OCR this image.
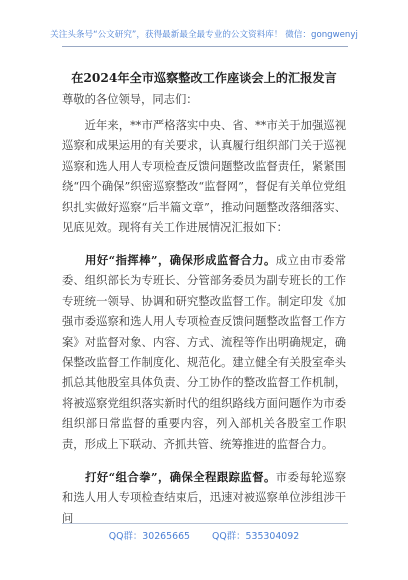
关注头条号“公文研究”，获得最新最全最专业的公文资料库！ 微信：gongwenyj
在2024年全市巡察整改工作座谈会上的汇报发言
尊敬的各位领导，同志们：
近年来，**市严格落实中央、省、**市关于加强巡视巡察和成果运用的有关要求，认真履行组织部门关于巡视巡察和选人用人专项检查反馈问题整改监督责任，紧紧围绕“四个确保”织密巡察整改“监督网”，督促有关单位党组织扎实做好巡察“后半篇文章”，推动问题整改落细落实、见底见效。现将有关工作进展情况汇报如下：
用好“指挥棒”，确保形成监督合力。成立由市委常委、组织部长为专班长、分管部务委员为副专班长的工作专班统一领导、协调和研究整改监督工作。制定印发《加强市委巡察和选人用人专项检查反馈问题整改监督工作方案》对监督对象、内容、方式、流程等作出明确规定，确保整改监督工作制度化、规范化。建立健全有关股室牵头抓总其他股室具体负责、分工协作的整改监督工作机制，将被巡察党组织落实新时代的组织路线方面问题作为市委组织部日常监督的重要内容，列入部机关各股室工作职责，形成上下联动、齐抓共管、统筹推进的监督合力。
打好“组合拳”，确保全程跟踪监督。市委每轮巡察和选人用人专项检查结束后，迅速对被巡察单位涉组涉干问
QQ群：30265665 QQ群：535304092
